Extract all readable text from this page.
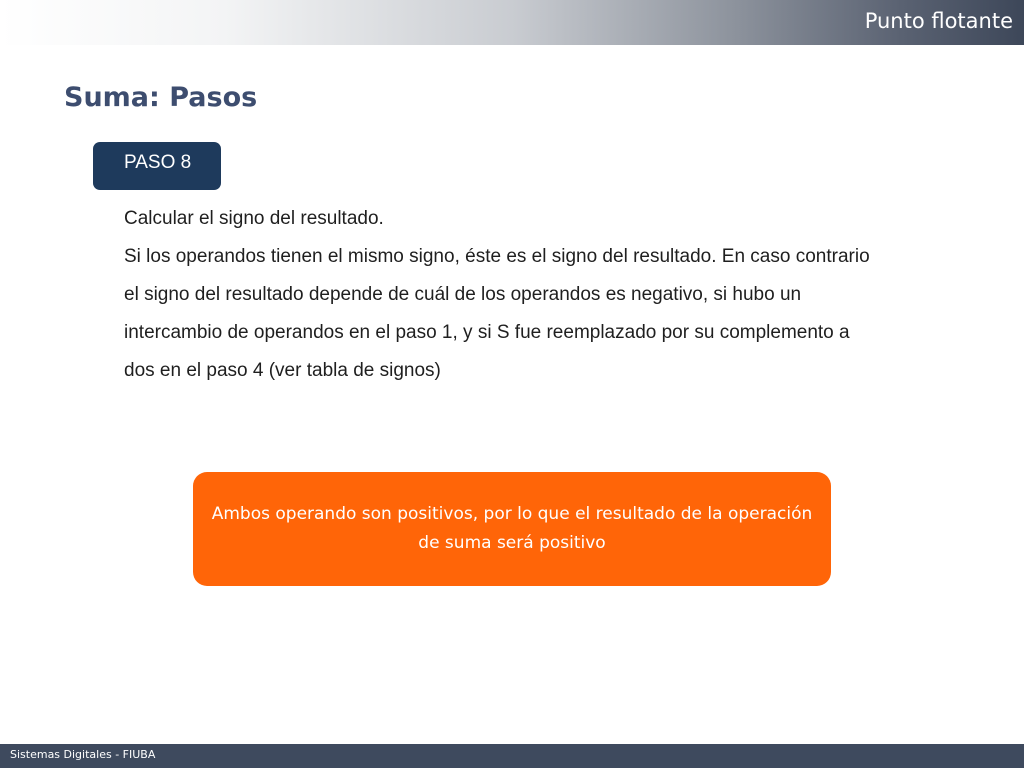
Punto flotante
Suma: Pasos
PASO 8

Calcular el signo del resultado.

Si los operandos tienen el mismo signo, éste es el signo del resultado. En caso contrario el signo del resultado depende de cuál de los operandos es negativo, si hubo un intercambio de operandos en el paso 1, y si S fue reemplazado por su complemento a dos en el paso 4 (ver tabla de signos)

Ambos operando son positivos, por lo que el resultado de la operación de suma será positivo
Sistemas Digitales - FIUBA
